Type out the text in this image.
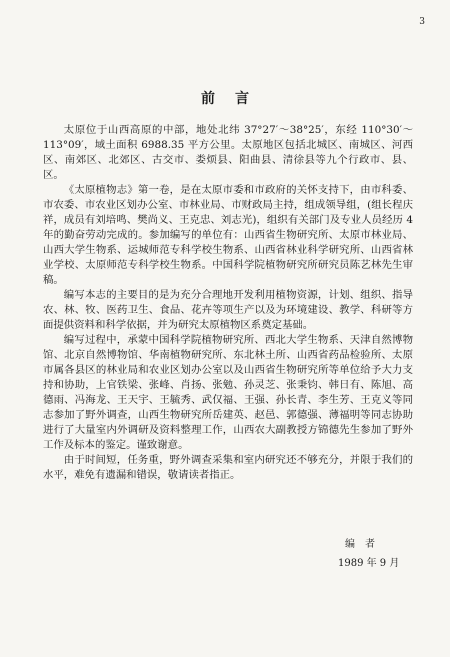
3
前言

太原位于山西高原的中部，地处北纬 37°27′～38°25′，东经 110°30′～113°09′，域土面积 6988.35 平方公里。太原地区包括北城区、南城区、河西区、南郊区、北郊区、古交市、娄烦县、阳曲县、清徐县等九个行政市、县、区。

《太原植物志》第一卷，是在太原市委和市政府的关怀支持下，由市科委、市农委、市农业区划办公室、市林业局、市财政局主持，组成领导组，(组长程庆祥，成员有刘培鸣、樊尚义、王克忠、刘志光)，组织有关部门及专业人员经历 4 年的勤奋劳动完成的。参加编写的单位有：山西省生物研究所、太原市林业局、山西大学生物系、运城师范专科学校生物系、山西省林业科学研究所、山西省林业学校、太原师范专科学校生物系。中国科学院植物研究所研究员陈艺林先生审稿。

编写本志的主要目的是为充分合理地开发利用植物资源，计划、组织、指导农、林、牧、医药卫生、食品、花卉等项生产以及为环境建设、教学、科研等方面提供资料和科学依据，并为研究太原植物区系奠定基础。

编写过程中，承蒙中国科学院植物研究所、西北大学生物系、天津自然博物馆、北京自然博物馆、华南植物研究所、东北林土所、山西省药品检验所、太原市属各县区的林业局和农业区划办公室以及山西省生物研究所等单位给予大力支持和协助，上官铁梁、张峰、肖扬、张勉、孙灵芝、张秉钧、韩日有、陈旭、高德雨、冯海龙、王天宇、王毓秀、武仅福、王强、孙长青、李生芳、王克义等同志参加了野外调查，山西生物研究所岳建英、赵邑、郭德强、薄福明等同志协助进行了大量室内外调研及资料整理工作，山西农大副教授方锦德先生参加了野外工作及标本的鉴定。谨致谢意。

由于时间短，任务重，野外调查采集和室内研究还不够充分，并限于我们的水平，难免有遗漏和错误，敬请读者指正。

编　者
1989 年 9 月
